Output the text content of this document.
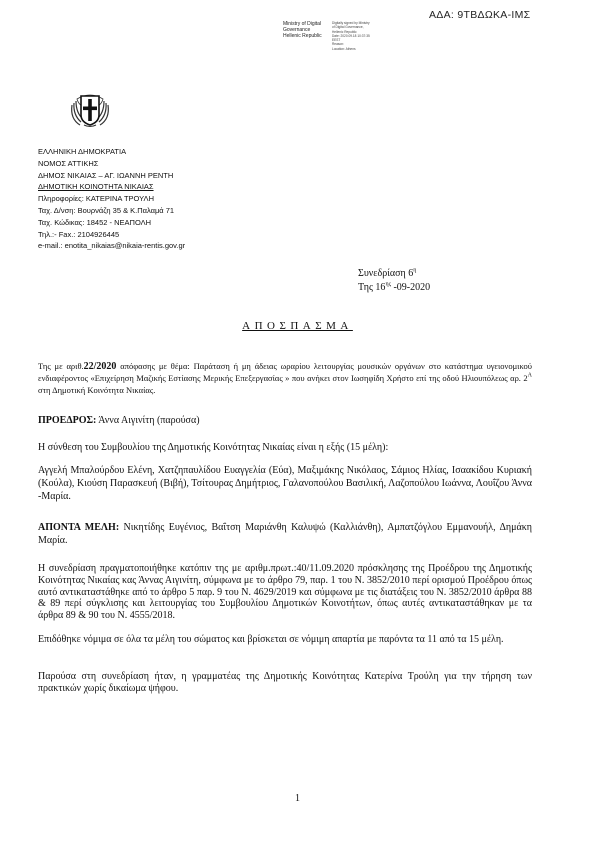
ΑΔΑ: 9ΤΒΔΩΚΑ-ΙΜΣ
Ministry of Digital
Governance
Hellenic Republic
Digitally signed by Ministry
of Digital Governance,
Hellenic Republic
Date: 2020.09.18 10:37:35
EEST
Reason:
Location: Athens
ΕΛΛΗΝΙΚΗ ΔΗΜΟΚΡΑΤΙΑ
ΝΟΜΟΣ ΑΤΤΙΚΗΣ
ΔΗΜΟΣ ΝΙΚΑΙΑΣ – ΑΓ. ΙΩΑΝΝΗ ΡΕΝΤΗ
ΔΗΜΟΤΙΚΗ ΚΟΙΝΟΤΗΤΑ ΝΙΚΑΙΑΣ
Πληροφορίες: ΚΑΤΕΡΙΝΑ ΤΡΟΥΛΗ
Ταχ. Δ/νση: Βουρνάζη 35 & Κ.Παλαμά 71
Ταχ. Κώδικας: 18452 - ΝΕΑΠΟΛΗ
Τηλ.:- Fax.: 2104926445
e-mail.: enotita_nikaias@nikaia-rentis.gov.gr
Συνεδρίαση $6^\eta$
Της $16^{\eta\varsigma}$ -09-2020
ΑΠΟΣΠΑΣΜΑ
Της με αριθ.22/2020 απόφασης με θέμα: Παράταση ή μη άδειας ωραρίου λειτουργίας μουσικών οργάνων στο κατάστημα υγειονομικού ενδιαφέροντος «Επιχείρηση Μαζικής Εστίασης Μερικής Επεξεργασίας » που ανήκει στον Ιωσηφίδη Χρήστο επί της οδού Ηλιουπόλεως αρ. $2^A$ στη Δημοτική Κοινότητα Νικαίας.
ΠΡΟΕΔΡΟΣ: Άννα Αιγινίτη (παρούσα)
Η σύνθεση του Συμβουλίου της Δημοτικής Κοινότητας Νικαίας είναι η εξής (15 μέλη):
Αγγελή Μπαλούρδου Ελένη, Χατζηπαυλίδου Ευαγγελία (Εύα), Μαξιμάκης Νικόλαος, Σάμιος Ηλίας, Ισαακίδου Κυριακή (Κούλα), Κιούση Παρασκευή (Βιβή), Τσίτουρας Δημήτριος, Γαλανοπούλου Βασιλική, Λαζοπούλου Ιωάννα, Λουΐζου Άννα -Μαρία.
ΑΠΟΝΤΑ ΜΕΛΗ: Νικητίδης Ευγένιος, Βαΐτση Μαριάνθη Καλυψώ (Καλλιάνθη), Αμπατζόγλου Εμμανουήλ, Δημάκη Μαρία.
Η συνεδρίαση πραγματοποιήθηκε κατόπιν της με αριθμ.πρωτ.:40/11.09.2020 πρόσκλησης της Προέδρου της Δημοτικής Κοινότητας Νικαίας κας Άννας Αιγινίτη, σύμφωνα με το άρθρο 79, παρ. 1 του Ν. 3852/2010 περί ορισμού Προέδρου όπως αυτό αντικαταστάθηκε από το άρθρο 5 παρ. 9 του Ν. 4629/2019 και σύμφωνα με τις διατάξεις του Ν. 3852/2010 άρθρα 88 & 89 περί σύγκλισης και λειτουργίας του Συμβουλίου Δημοτικών Κοινοτήτων, όπως αυτές αντικαταστάθηκαν με τα άρθρα 89 & 90 του Ν. 4555/2018.
Επιδόθηκε νόμιμα σε όλα τα μέλη του σώματος και βρίσκεται σε νόμιμη απαρτία με παρόντα τα 11 από τα 15 μέλη.
Παρούσα στη συνεδρίαση ήταν, η γραμματέας της Δημοτικής Κοινότητας Κατερίνα Τρούλη για την τήρηση των πρακτικών χωρίς δικαίωμα ψήφου.
1
